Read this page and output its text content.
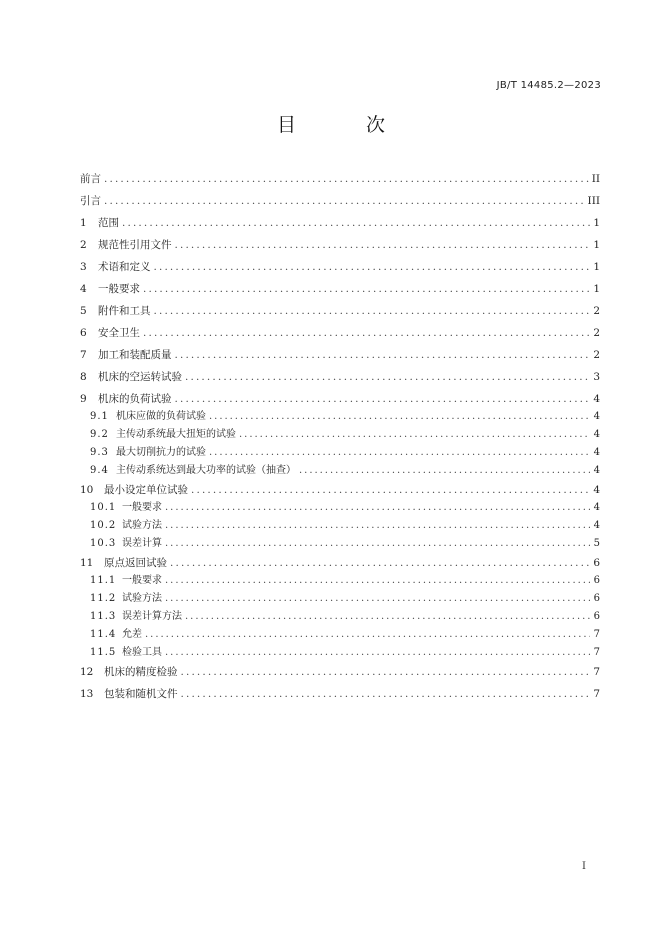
JB/T 14485.2—2023
目 次
前言 . . .	II
引言 . . .	III
1	范围 . . .	1
2	规范性引用文件 . . .	1
3	术语和定义 . . .	1
4	一般要求 . . .	1
5	附件和工具 . . .	2
6	安全卫生 . . .	2
7	加工和装配质量 . . .	2
8	机床的空运转试验 . . .	3
9	机床的负荷试验 . . .	4
9.1 机床应做的负荷试验 . . .	4
9.2 主传动系统最大扭矩的试验 . . .	4
9.3 最大切削抗力的试验 . . .	4
9.4 主传动系统达到最大功率的试验（抽查） . . .	4
10	最小设定单位试验 . . .	4
10.1 一般要求 . . .	4
10.2 试验方法 . . .	4
10.3 误差计算 . . .	5
11	原点返回试验 . . .	6
11.1 一般要求 . . .	6
11.2 试验方法 . . .	6
11.3 误差计算方法 . . .	6
11.4 允差 . . .	7
11.5 检验工具 . . .	7
12	机床的精度检验 . . .	7
13	包装和随机文件 . . .	7
I
